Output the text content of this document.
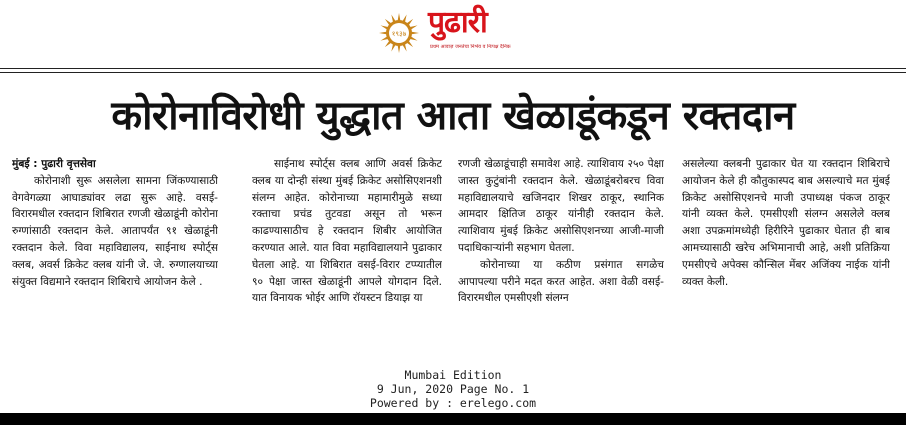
१९३७ पुढारी
प्रथम आवाज़ जनतेचा निर्भय व निःपक्ष दैनिक
कोरोनाविरोधी युद्धात आता खेळाडूंकडून रक्तदान

मुंबई : पुढारी वृत्तसेवा

कोरोनाशी सुरू असलेला सामना जिंकण्यासाठी वेगवेगळ्या आघाड्यांवर लढा सुरू आहे. वसई-विरारमधील रक्तदान शिबिरात रणजी खेळाडूंनी कोरोना रुग्णांसाठी रक्तदान केले. आतापर्यंत ९१ खेळाडूंनी रक्तदान केले. विवा महाविद्यालय, साईनाथ स्पोर्ट्स क्लब, अवर्स क्रिकेट क्लब यांनी जे. जे. रुग्णालयाच्या संयुक्त विद्यमाने रक्तदान शिबिराचे आयोजन केले .

साईनाथ स्पोर्ट्स क्लब आणि अवर्स क्रिकेट क्लब या दोन्ही संस्था मुंबई क्रिकेट असोसिएशनशी संलग्न आहेत. कोरोनाच्या महामारीमुळे सध्या रक्ताचा प्रचंड तुटवडा असून तो भरून काढण्यासाठीच हे रक्तदान शिबीर आयोजित करण्यात आले. यात विवा महाविद्यालयाने पुढाकार घेतला आहे. या शिबिरात वसई-विरार टप्प्यातील ९० पेक्षा जास्त खेळाडूंनी आपले योगदान दिले. यात विनायक भोईर आणि रॉयस्टन डियाझ या

रणजी खेळाडूंचाही समावेश आहे. त्याशिवाय २५० पेक्षा जास्त कुटुंबांनी रक्तदान केले. खेळाडूंबरोबरच विवा महाविद्यालयाचे खजिनदार शिखर ठाकूर, स्थानिक आमदार क्षितिज ठाकूर यांनीही रक्तदान केले. त्याशिवाय मुंबई क्रिकेट असोसिएशनच्या आजी-माजी पदाधिकाऱ्यांनी सहभाग घेतला.

कोरोनाच्या या कठीण प्रसंगात सगळेच आपापल्या परीने मदत करत आहेत. अशा वेळी वसई-विरारमधील एमसीएशी संलग्न

असलेल्या क्लबनी पुढाकार घेत या रक्तदान शिबिराचे आयोजन केले ही कौतुकास्पद बाब असल्याचे मत मुंबई क्रिकेट असोसिएशनचे माजी उपाध्यक्ष पंकज ठाकूर यांनी व्यक्त केले. एमसीएशी संलग्न असलेले क्लब अशा उपक्रमांमध्येही हिरीरिने पुढाकार घेतात ही बाब आमच्यासाठी खरेच अभिमानाची आहे, अशी प्रतिक्रिया एमसीएचे अपेक्स कौन्सिल मेंबर अजिंक्य नाईक यांनी व्यक्त केली.

Mumbai Edition
9 Jun, 2020 Page No. 1
Powered by : erelego.com
